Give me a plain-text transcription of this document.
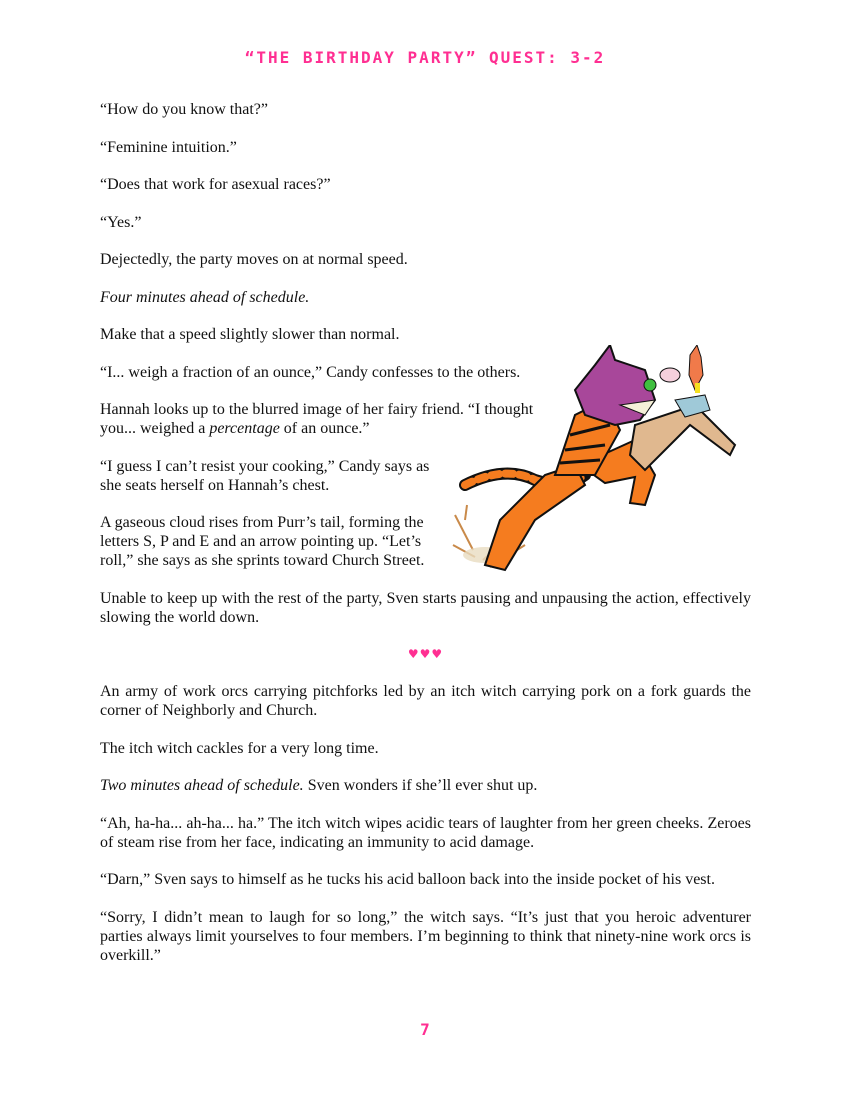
“THE BIRTHDAY PARTY” QUEST: 3-2

“How do you know that?”

“Feminine intuition.”

“Does that work for asexual races?”

“Yes.”

Dejectedly, the party moves on at normal speed.

Four minutes ahead of schedule.

Make that a speed slightly slower than normal.

“I... weigh a fraction of an ounce,” Candy confesses to the others.

Hannah looks up to the blurred image of her fairy friend. “I thought you... weighed a percentage of an ounce.”

“I guess I can’t resist your cooking,” Candy says as she seats herself on Hannah’s chest.

A gaseous cloud rises from Purr’s tail, forming the letters S, P and E and an arrow pointing up. “Let’s roll,” she says as she sprints toward Church Street.

Unable to keep up with the rest of the party, Sven starts pausing and unpausing the action, effectively slowing the world down.

♥♥♥

An army of work orcs carrying pitchforks led by an itch witch carrying pork on a fork guards the corner of Neighborly and Church.

The itch witch cackles for a very long time.

Two minutes ahead of schedule. Sven wonders if she’ll ever shut up.

“Ah, ha-ha... ah-ha... ha.” The itch witch wipes acidic tears of laughter from her green cheeks. Zeroes of steam rise from her face, indicating an immunity to acid damage.

“Darn,” Sven says to himself as he tucks his acid balloon back into the inside pocket of his vest.

“Sorry, I didn’t mean to laugh for so long,” the witch says. “It’s just that you heroic adventurer parties always limit yourselves to four members. I’m beginning to think that ninety-nine work orcs is overkill.”

7
